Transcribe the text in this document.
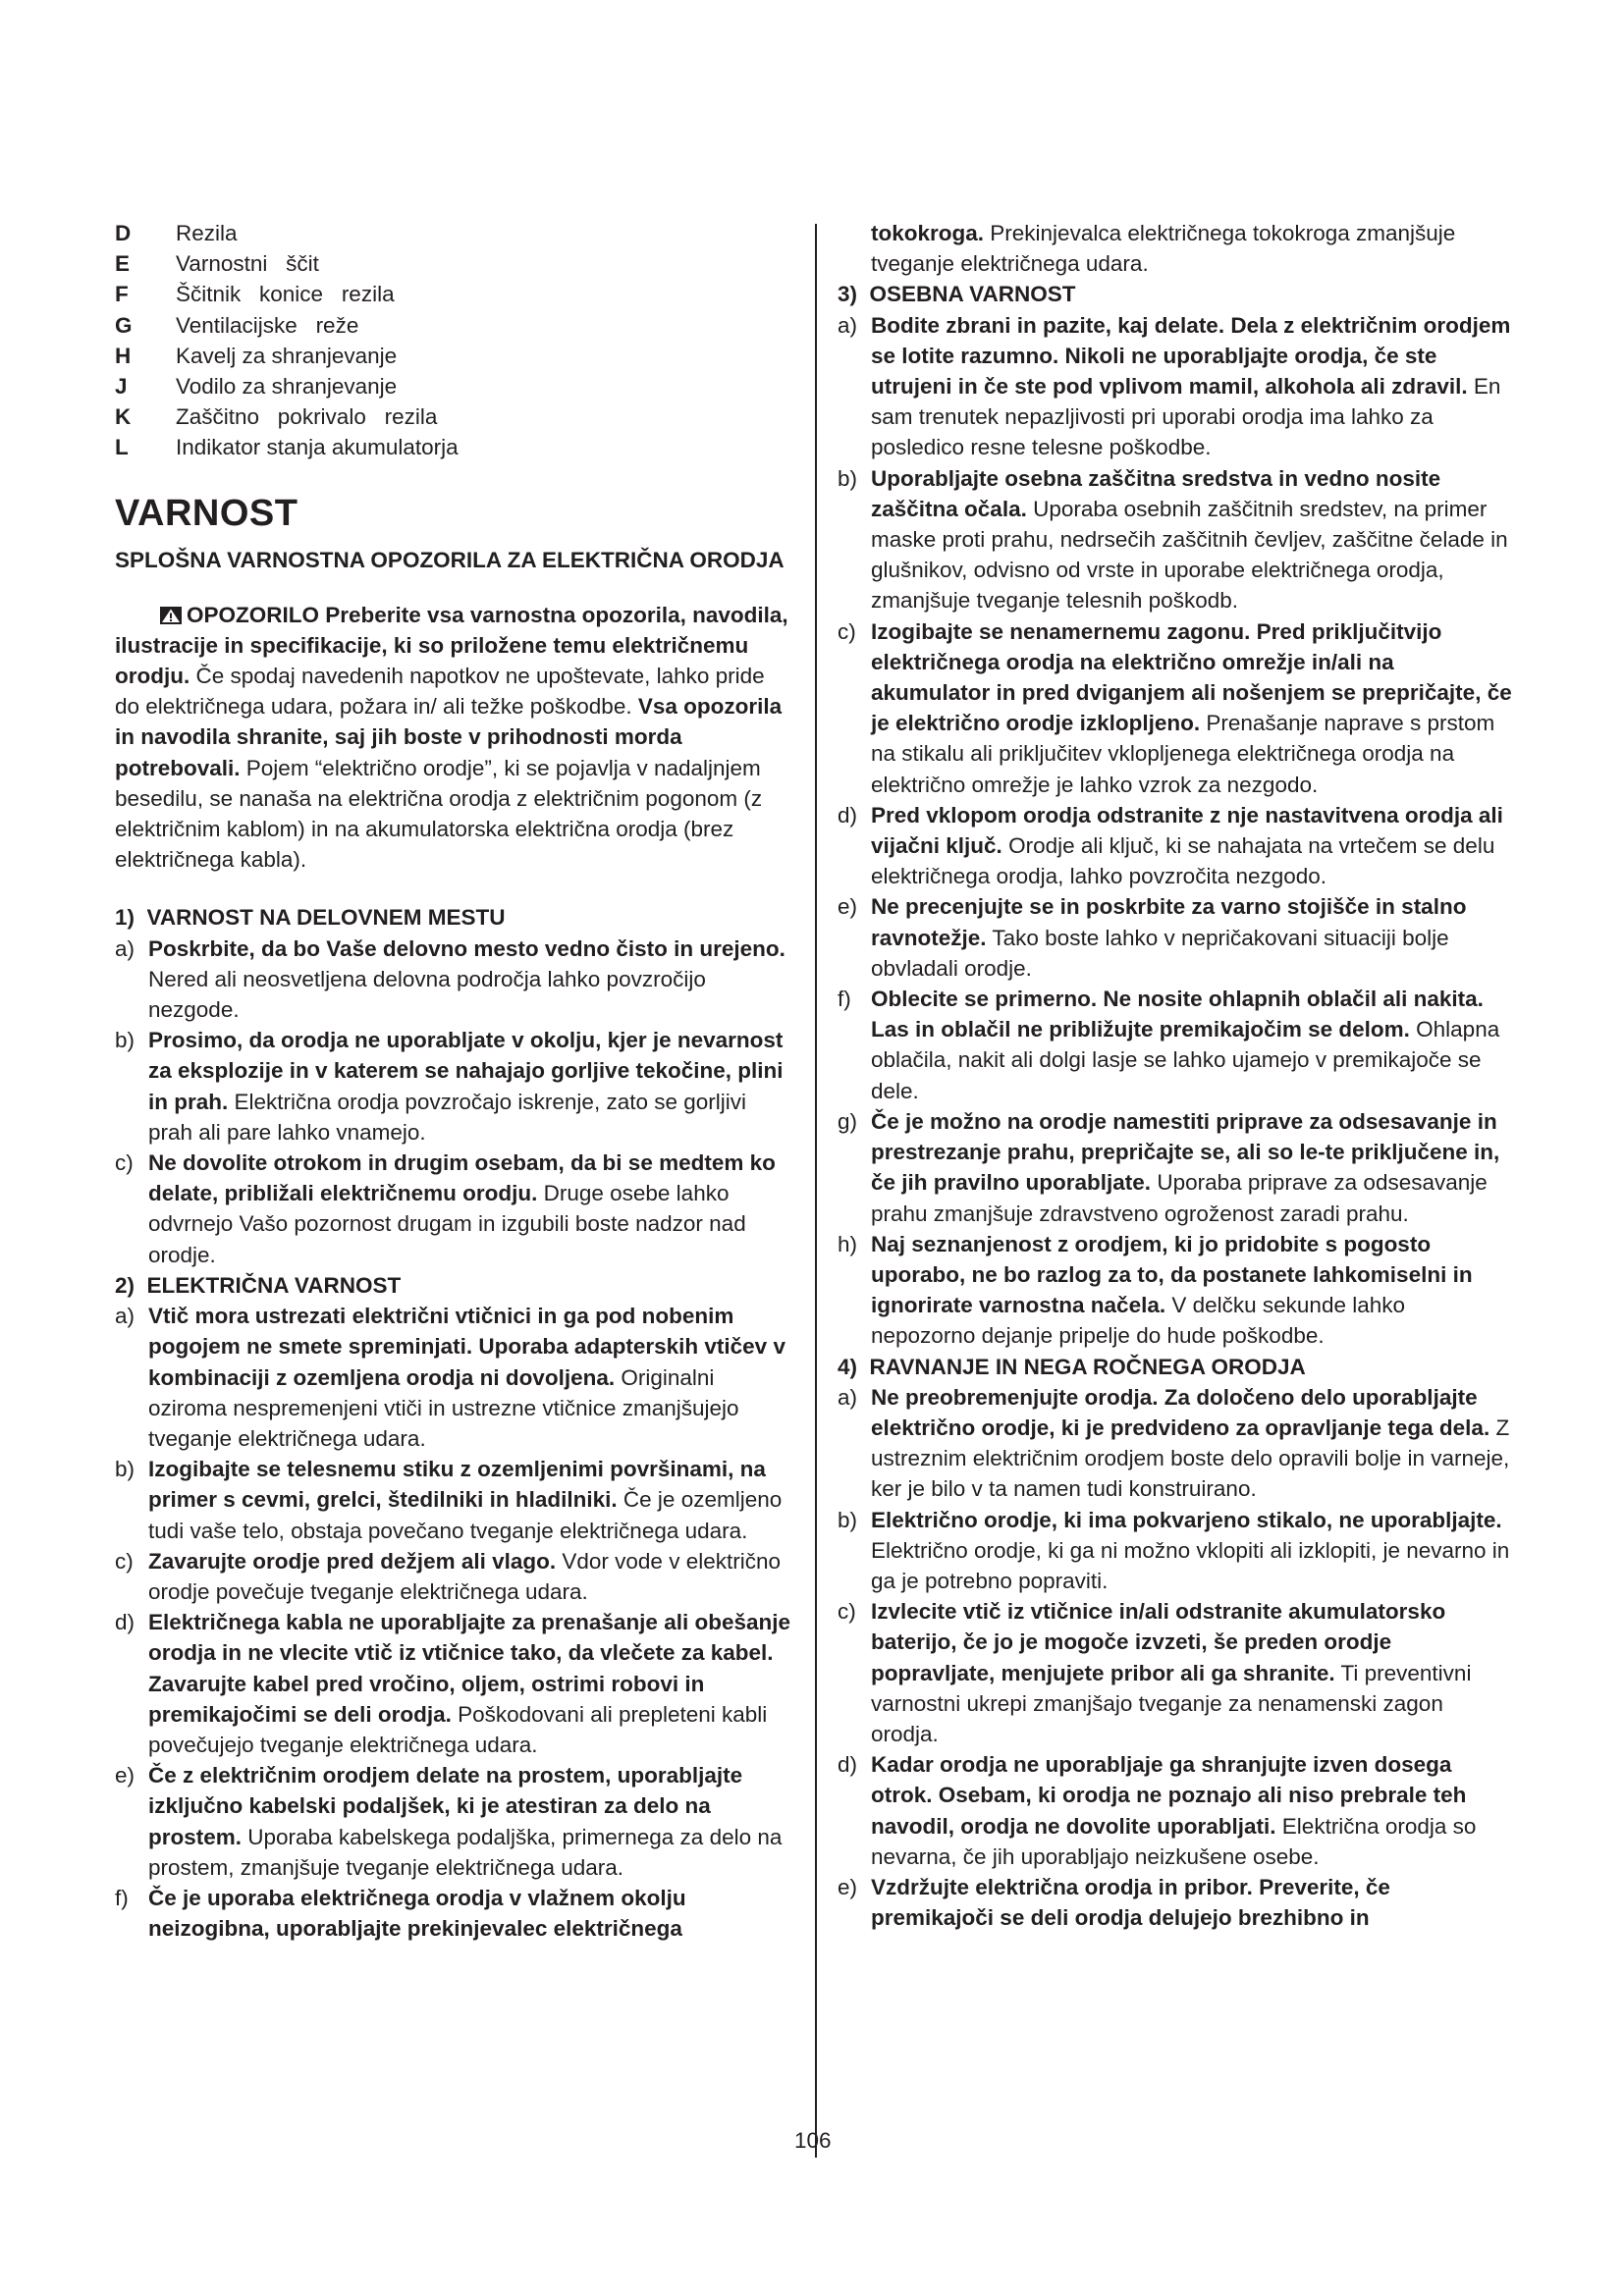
D	Rezila
E	Varnostni   ščit
F	Ščitnik   konice   rezila
G	Ventilacijske   reže
H	Kavelj za shranjevanje
J	Vodilo za shranjevanje
K	Zaščitno   pokrivalo   rezila
L	Indikator stanja akumulatorja
VARNOST
SPLOŠNA VARNOSTNA OPOZORILA ZA ELEKTRIČNA ORODJA

OPOZORILO Preberite vsa varnostna opozorila, navodila, ilustracije in specifikacije, ki so priložene temu električnemu orodju. Če spodaj navedenih napotkov ne upoštevate, lahko pride do električnega udara, požara in/ ali težke poškodbe. Vsa opozorila in navodila shranite, saj jih boste v prihodnosti morda potrebovali. Pojem “električno orodje”, ki se pojavlja v nadaljnjem besedilu, se nanaša na električna orodja z električnim pogonom (z električnim kablom) in na akumulatorska električna orodja (brez električnega kabla).

1)  VARNOST NA DELOVNEM MESTU
a) Poskrbite, da bo Vaše delovno mesto vedno čisto in urejeno. Nered ali neosvetljena delovna področja lahko povzročijo nezgode.
b) Prosimo, da orodja ne uporabljate v okolju, kjer je nevarnost za eksplozije in v katerem se nahajajo gorljive tekočine, plini in prah. Električna orodja povzročajo iskrenje, zato se gorljivi prah ali pare lahko vnamejo.
c) Ne dovolite otrokom in drugim osebam, da bi se medtem ko delate, približali električnemu orodju. Druge osebe lahko odvrnejo Vašo pozornost drugam in izgubili boste nadzor nad orodje.
2)  ELEKTRIČNA VARNOST
a) Vtič mora ustrezati električni vtičnici in ga pod nobenim pogojem ne smete spreminjati. Uporaba adapterskih vtičev v kombinaciji z ozemljena orodja ni dovoljena. Originalni oziroma nespremenjeni vtiči in ustrezne vtičnice zmanjšujejo tveganje električnega udara.
b) Izogibajte se telesnemu stiku z ozemljenimi površinami, na primer s cevmi, grelci, štedilniki in hladilniki. Če je ozemljeno tudi vaše telo, obstaja povečano tveganje električnega udara.
c) Zavarujte orodje pred dežjem ali vlago. Vdor vode v električno orodje povečuje tveganje električnega udara.
d) Električnega kabla ne uporabljajte za prenašanje ali obešanje orodja in ne vlecite vtič iz vtičnice tako, da vlečete za kabel. Zavarujte kabel pred vročino, oljem, ostrimi robovi in premikajočimi se deli orodja. Poškodovani ali prepleteni kabli povečujejo tveganje električnega udara.
e) Če z električnim orodjem delate na prostem, uporabljajte izključno kabelski podaljšek, ki je atestiran za delo na prostem. Uporaba kabelskega podaljška, primernega za delo na prostem, zmanjšuje tveganje električnega udara.
f) Če je uporaba električnega orodja v vlažnem okolju neizogibna, uporabljajte prekinjevalec električnega

tokokroga. Prekinjevalca električnega tokokroga zmanjšuje tveganje električnega udara.

3)  OSEBNA VARNOST
a) Bodite zbrani in pazite, kaj delate. Dela z električnim orodjem se lotite razumno. Nikoli ne uporabljajte orodja, če ste utrujeni in če ste pod vplivom mamil, alkohola ali zdravil. En sam trenutek nepazljivosti pri uporabi orodja ima lahko za posledico resne telesne poškodbe.
b) Uporabljajte osebna zaščitna sredstva in vedno nosite zaščitna očala. Uporaba osebnih zaščitnih sredstev, na primer maske proti prahu, nedrsečih zaščitnih čevljev, zaščitne čelade in glušnikov, odvisno od vrste in uporabe električnega orodja, zmanjšuje tveganje telesnih poškodb.
c) Izogibajte se nenamernemu zagonu. Pred priključitvijo električnega orodja na električno omrežje in/ali na akumulator in pred dviganjem ali nošenjem se prepričajte, če je električno orodje izklopljeno. Prenašanje naprave s prstom na stikalu ali priključitev vklopljenega električnega orodja na električno omrežje je lahko vzrok za nezgodo.
d) Pred vklopom orodja odstranite z nje nastavitvena orodja ali vijačni ključ. Orodje ali ključ, ki se nahajata na vrtečem se delu električnega orodja, lahko povzročita nezgodo.
e) Ne precenjujte se in poskrbite za varno stojišče in stalno ravnotežje. Tako boste lahko v nepričakovani situaciji bolje obvladali orodje.
f) Oblecite se primerno. Ne nosite ohlapnih oblačil ali nakita. Las in oblačil ne približujte premikajočim se delom. Ohlapna oblačila, nakit ali dolgi lasje se lahko ujamejo v premikajoče se dele.
g) Če je možno na orodje namestiti priprave za odsesavanje in prestrezanje prahu, prepričajte se, ali so le-te priključene in, če jih pravilno uporabljate. Uporaba priprave za odsesavanje prahu zmanjšuje zdravstveno ogroženost zaradi prahu.
h) Naj seznanjenost z orodjem, ki jo pridobite s pogosto uporabo, ne bo razlog za to, da postanete lahkomiselni in ignorirate varnostna načela. V delčku sekunde lahko nepozorno dejanje pripelje do hude poškodbe.
4)  RAVNANJE IN NEGA ROČNEGA ORODJA
a) Ne preobremenjujte orodja. Za določeno delo uporabljajte električno orodje, ki je predvideno za opravljanje tega dela. Z ustreznim električnim orodjem boste delo opravili bolje in varneje, ker je bilo v ta namen tudi konstruirano.
b) Električno orodje, ki ima pokvarjeno stikalo, ne uporabljajte. Električno orodje, ki ga ni možno vklopiti ali izklopiti, je nevarno in ga je potrebno popraviti.
c) Izvlecite vtič iz vtičnice in/ali odstranite akumulatorsko baterijo, če jo je mogoče izvzeti, še preden orodje popravljate, menjujete pribor ali ga shranite. Ti preventivni varnostni ukrepi zmanjšajo tveganje za nenamenski zagon orodja.
d) Kadar orodja ne uporabljaje ga shranjujte izven dosega otrok. Osebam, ki orodja ne poznajo ali niso prebrale teh navodil, orodja ne dovolite uporabljati. Električna orodja so nevarna, če jih uporabljajo neizkušene osebe.
e) Vzdržujte električna orodja in pribor. Preverite, če premikajoči se deli orodja delujejo brezhibno in
106
